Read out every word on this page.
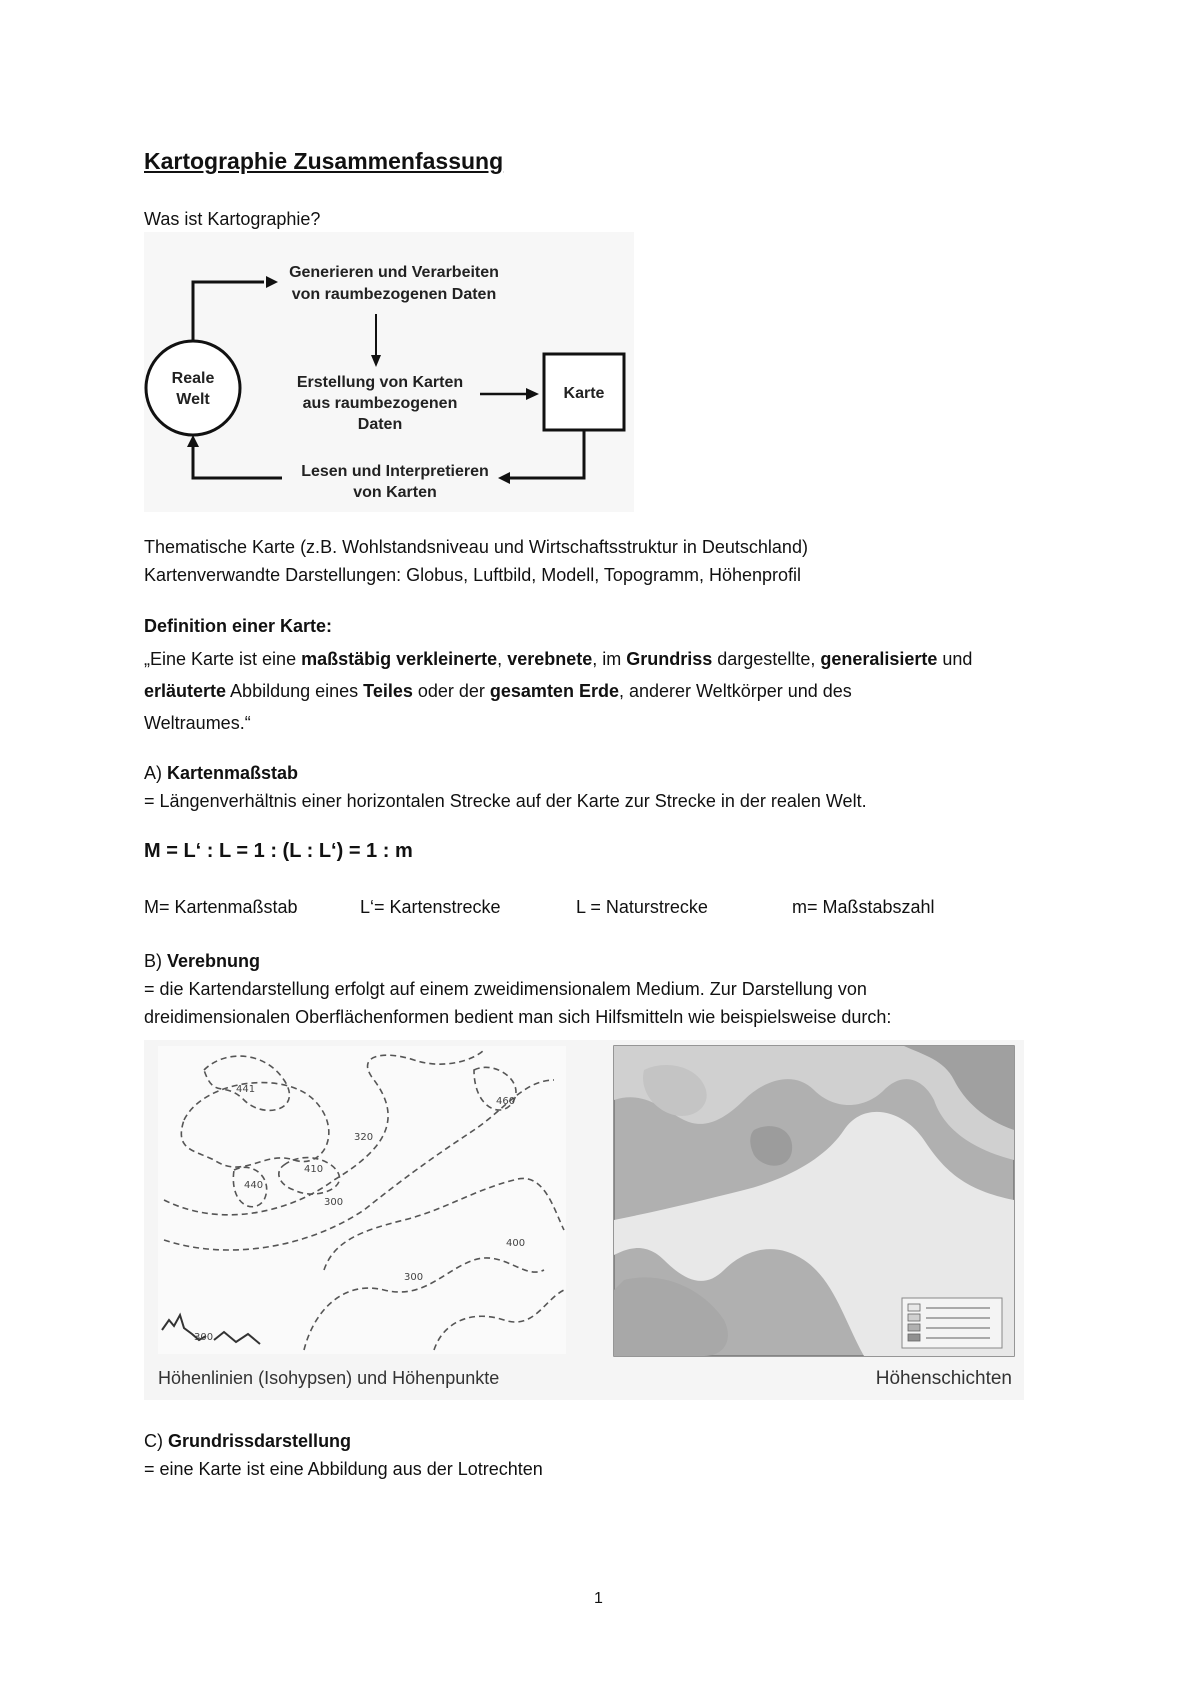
Kartographie Zusammenfassung
Was ist Kartographie?
Reale
Welt
Generieren und Verarbeiten
von raumbezogenen Daten
Erstellung von Karten
aus raumbezogenen
Daten
Karte
Lesen und Interpretieren
von Karten
Thematische Karte (z.B. Wohlstandsniveau und Wirtschaftsstruktur in Deutschland)
Kartenverwandte Darstellungen: Globus, Luftbild, Modell, Topogramm, Höhenprofil
Definition einer Karte:
„Eine Karte ist eine maßstäbig verkleinerte, verebnete, im Grundriss dargestellte, generalisierte und
erläuterte Abbildung eines Teiles oder der gesamten Erde, anderer Weltkörper und des
Weltraumes.“
A) Kartenmaßstab
= Längenverhältnis einer horizontalen Strecke auf der Karte zur Strecke in der realen Welt.
M = L‘ : L = 1 : (L : L‘) = 1 : m
M= Kartenmaßstab	L‘= Kartenstrecke	L = Naturstrecke	m= Maßstabszahl
B) Verebnung
= die Kartendarstellung erfolgt auf einem zweidimensionalem Medium. Zur Darstellung von
dreidimensionalen Oberflächenformen bedient man sich Hilfsmitteln wie beispielsweise durch:
441
460
320
410
440
300
400
300
300
Höhenlinien (Isohypsen) und Höhenpunkte	Höhenschichten
C) Grundrissdarstellung
= eine Karte ist eine Abbildung aus der Lotrechten
1
